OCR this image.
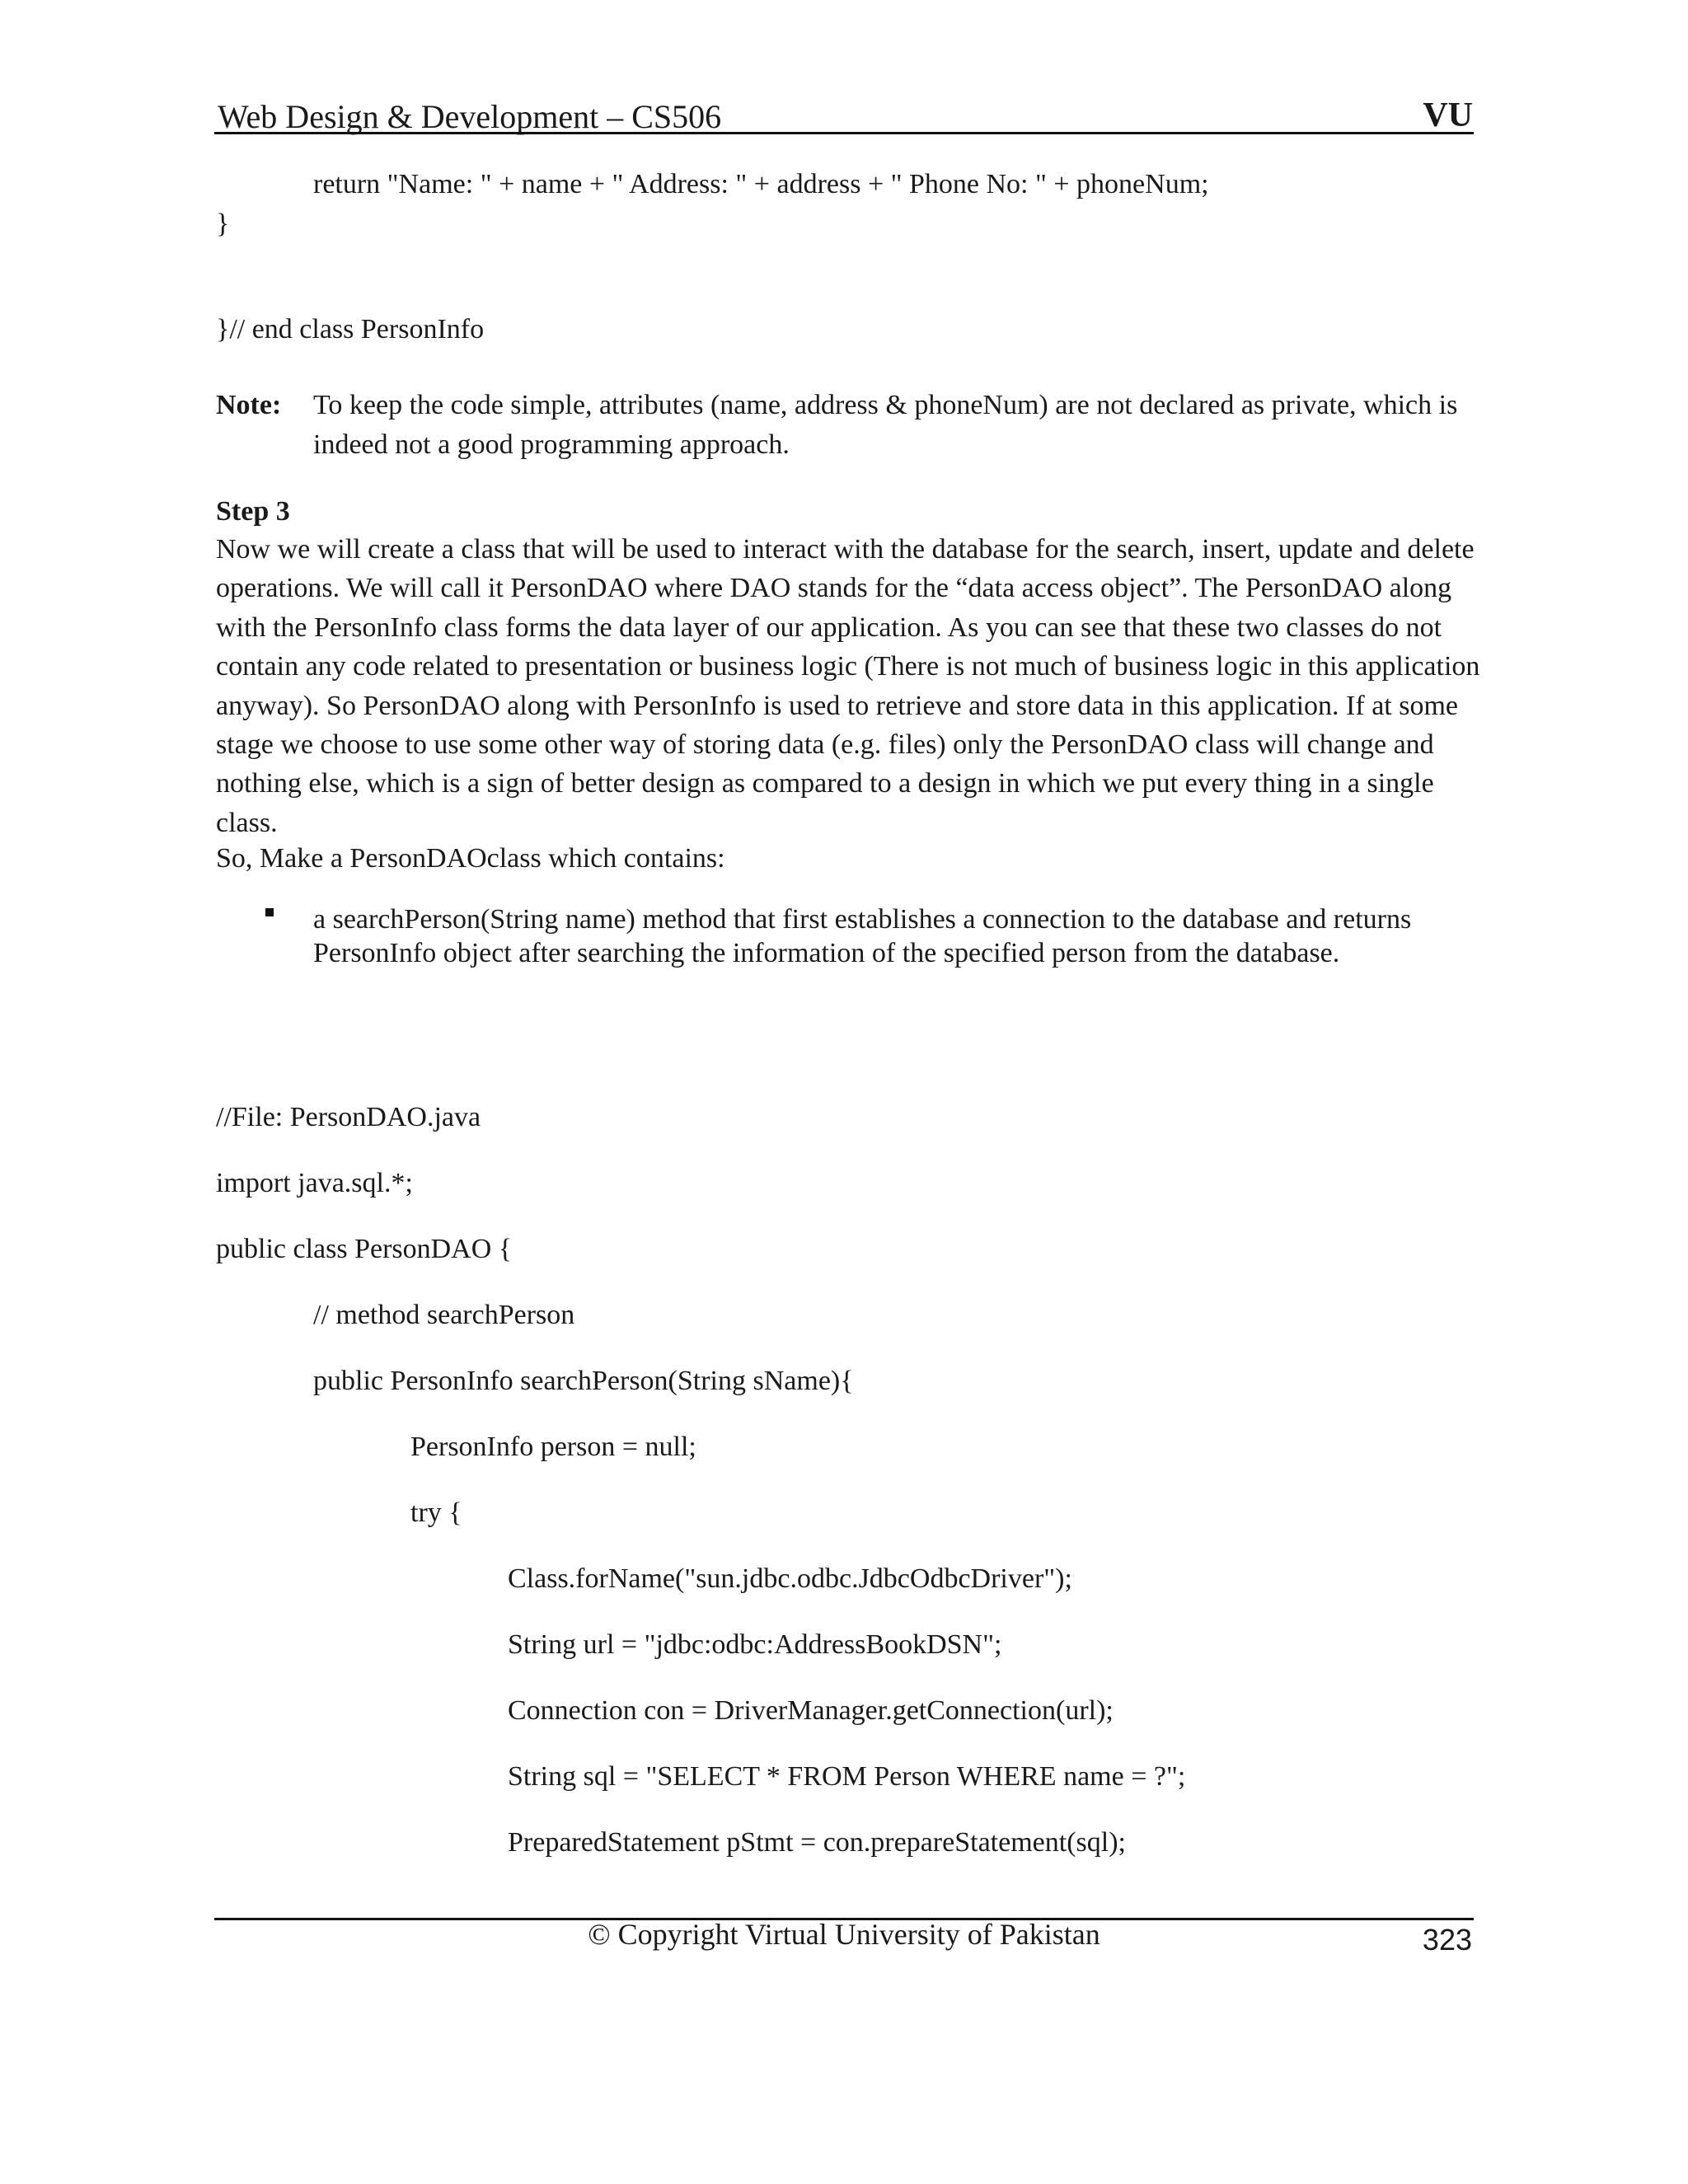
Web Design & Development – CS506	VU
return "Name: " + name + " Address: " + address + " Phone No: " + phoneNum;
}
}// end class PersonInfo
Note: To keep the code simple, attributes (name, address & phoneNum) are not declared as private, which is indeed not a good programming approach.
Step 3

Now we will create a class that will be used to interact with the database for the search, insert, update and delete operations. We will call it PersonDAO where DAO stands for the “data access object”. The PersonDAO along with the PersonInfo class forms the data layer of our application. As you can see that these two classes do not contain any code related to presentation or business logic (There is not much of business logic in this application anyway). So PersonDAO along with PersonInfo is used to retrieve and store data in this application. If at some stage we choose to use some other way of storing data (e.g. files) only the PersonDAO class will change and nothing else, which is a sign of better design as compared to a design in which we put every thing in a single class.

So, Make a PersonDAOclass which contains:

a searchPerson(String name) method that first establishes a connection to the database and returns PersonInfo object after searching the information of the specified person from the database.
//File: PersonDAO.java
import java.sql.*;
public class PersonDAO {
// method searchPerson
public PersonInfo searchPerson(String sName){
PersonInfo person = null;
try {
Class.forName("sun.jdbc.odbc.JdbcOdbcDriver");
String url = "jdbc:odbc:AddressBookDSN";
Connection con = DriverManager.getConnection(url);
String sql = "SELECT * FROM Person WHERE name = ?";
PreparedStatement pStmt = con.prepareStatement(sql);
© Copyright Virtual University of Pakistan	323
